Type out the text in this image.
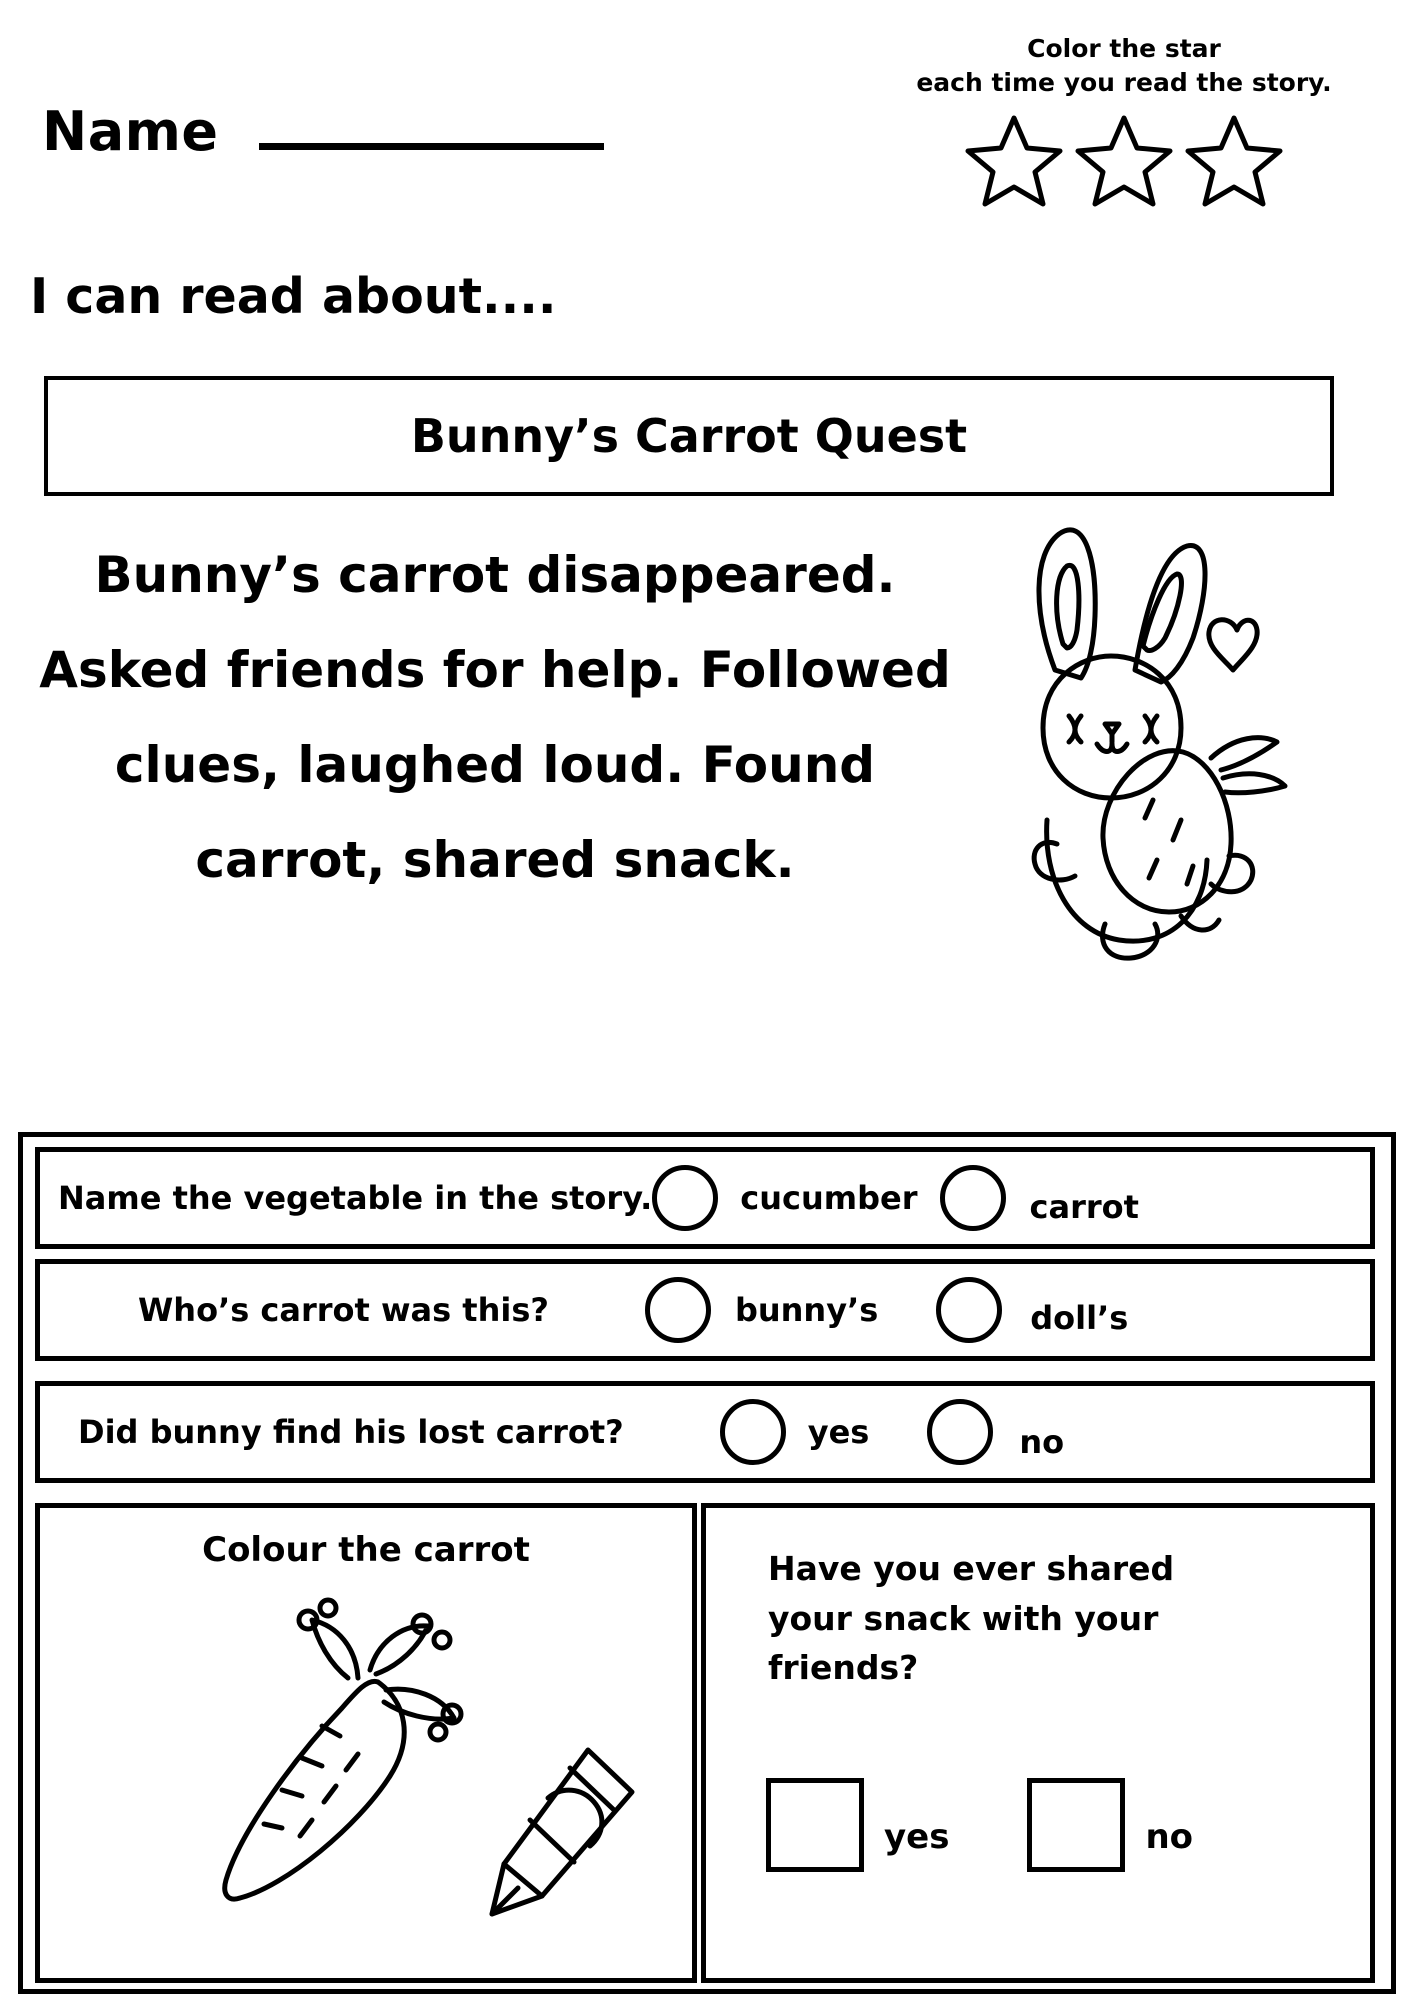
Name
Color the star
each time you read the story.
I can read about....
Bunny’s Carrot Quest
Bunny’s carrot disappeared. Asked friends for help. Followed clues, laughed loud. Found carrot, shared snack.
Name the vegetable in the story.	cucumber	carrot
Who’s carrot was this?	bunny’s	doll’s
Did bunny find his lost carrot?	yes	no
Colour the carrot	Have you ever shared your snack with your friends?
yes	no
